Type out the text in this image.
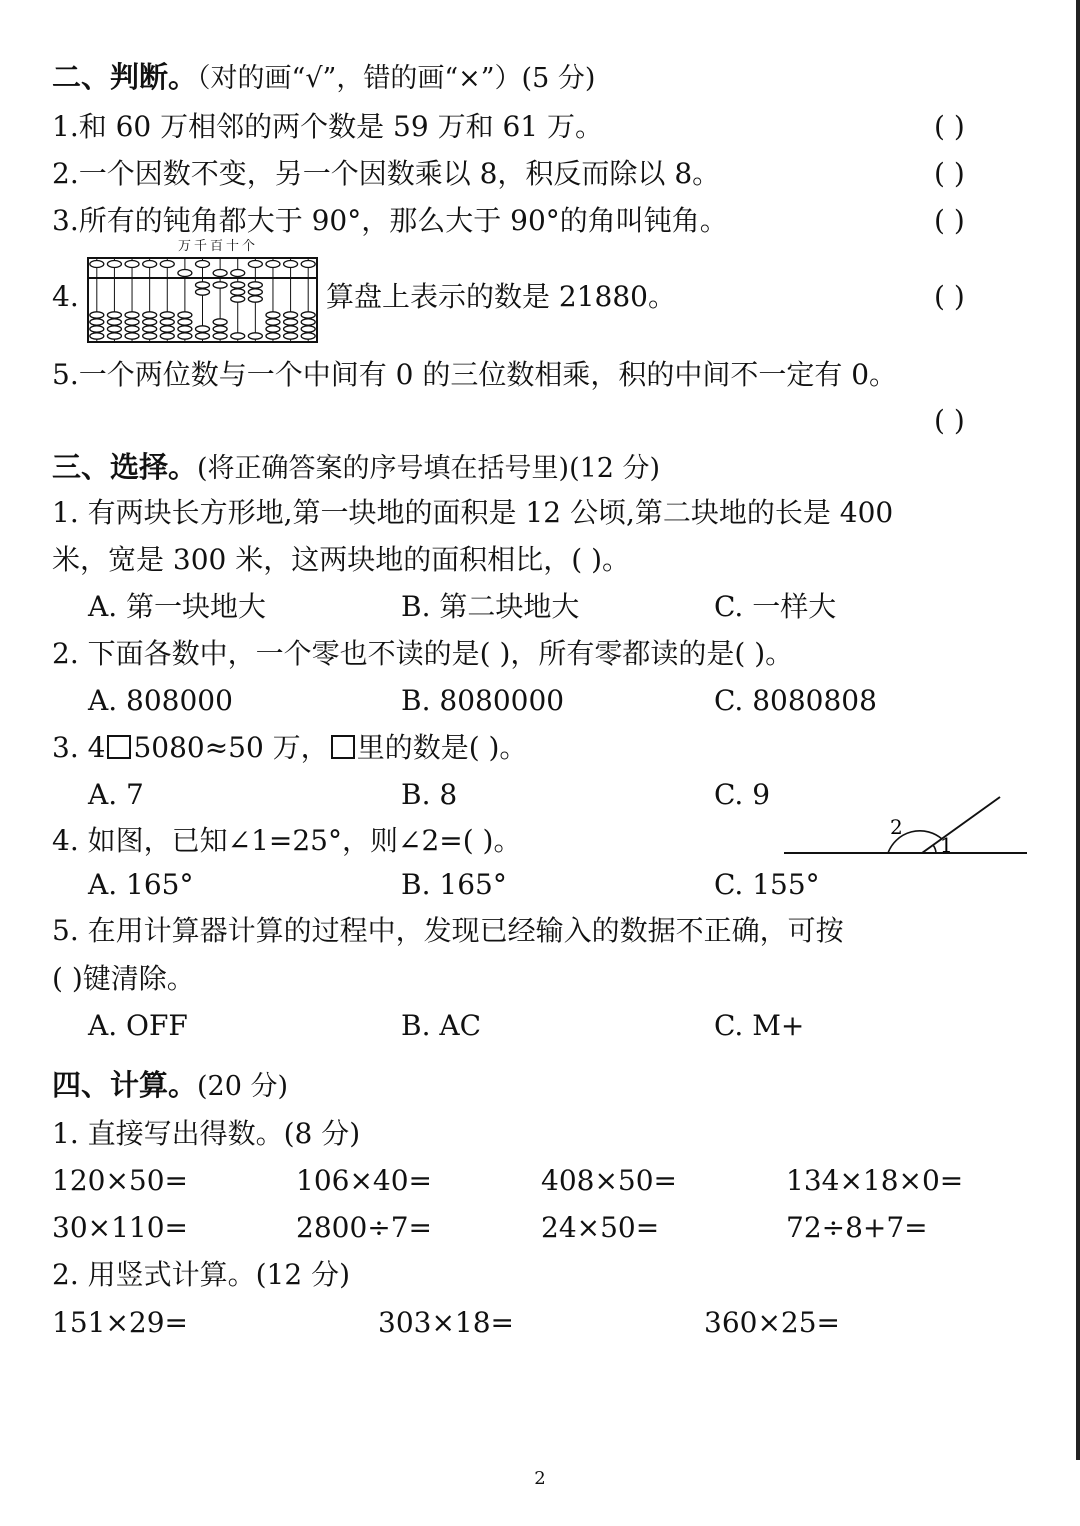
二、判断。（对的画“√”，错的画“×”）(5 分)
1.和 60 万相邻的两个数是 59 万和 61 万。	( )
2.一个因数不变，另一个因数乘以 8，积反而除以 8。	( )
3.所有的钝角都大于 90°，那么大于 90°的角叫钝角。	( )
4.
万千百十个
算盘上表示的数是 21880。	( )
5.一个两位数与一个中间有 0 的三位数相乘，积的中间不一定有 0。
( )
三、选择。(将正确答案的序号填在括号里)(12 分)
1. 有两块长方形地,第一块地的面积是 12 公顷,第二块地的长是 400
米，宽是 300 米，这两块地的面积相比，( )。
A. 第一块地大	B. 第二块地大	C. 一样大
2. 下面各数中，一个零也不读的是( )，所有零都读的是( )。
A. 808000	B. 8080000	C. 8080808
3. 4 5080≈50 万， 里的数是( )。
A. 7	B. 8	C. 9
4. 如图，已知∠1=25°，则∠2=( )。	2
1
A. 165°	B. 165°	C. 155°
5. 在用计算器计算的过程中，发现已经输入的数据不正确，可按
( )键清除。
A. OFF	B. AC	C. M+
四、计算。(20 分)
1. 直接写出得数。(8 分)
120×50=	106×40=	408×50=	134×18×0=
30×110=	2800÷7=	24×50=	72÷8+7=
2. 用竖式计算。(12 分)
151×29=	303×18=	360×25=
2
